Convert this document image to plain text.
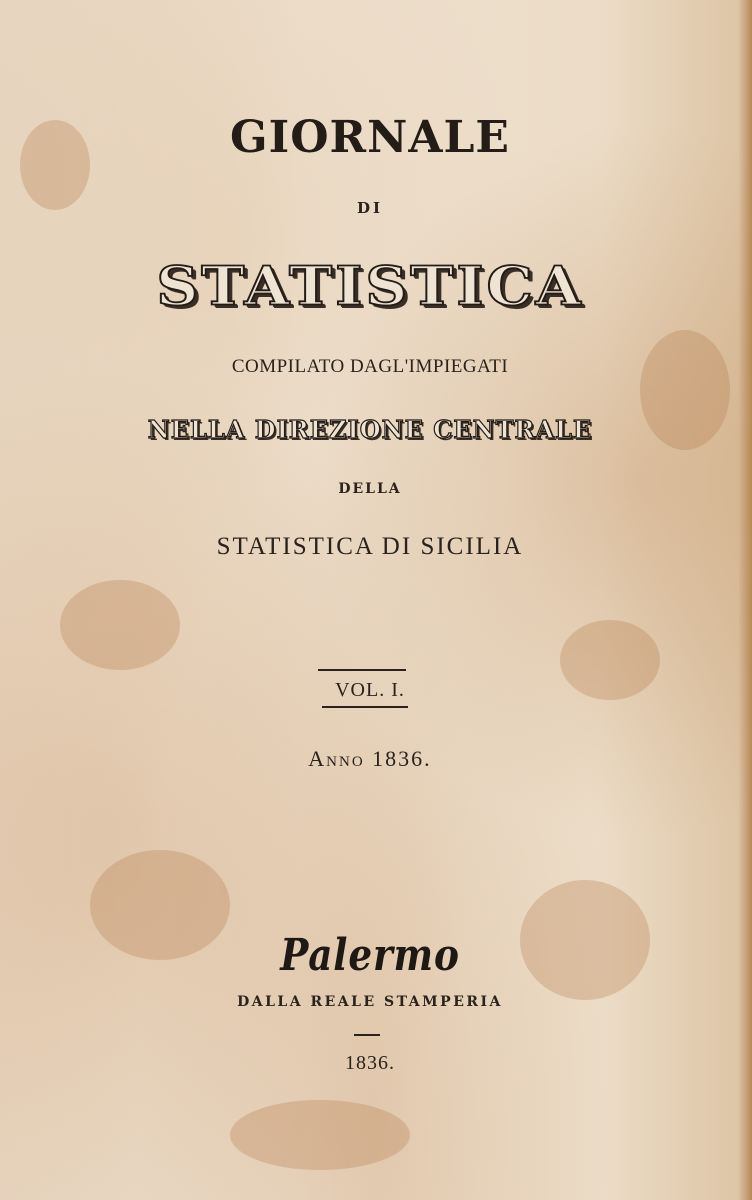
GIORNALE
DI
STATISTICA
COMPILATO DAGL'IMPIEGATI
NELLA DIREZIONE CENTRALE
DELLA
STATISTICA DI SICILIA
VOL. I.
Anno 1836.
Palermo
DALLA REALE STAMPERIA
1836.
